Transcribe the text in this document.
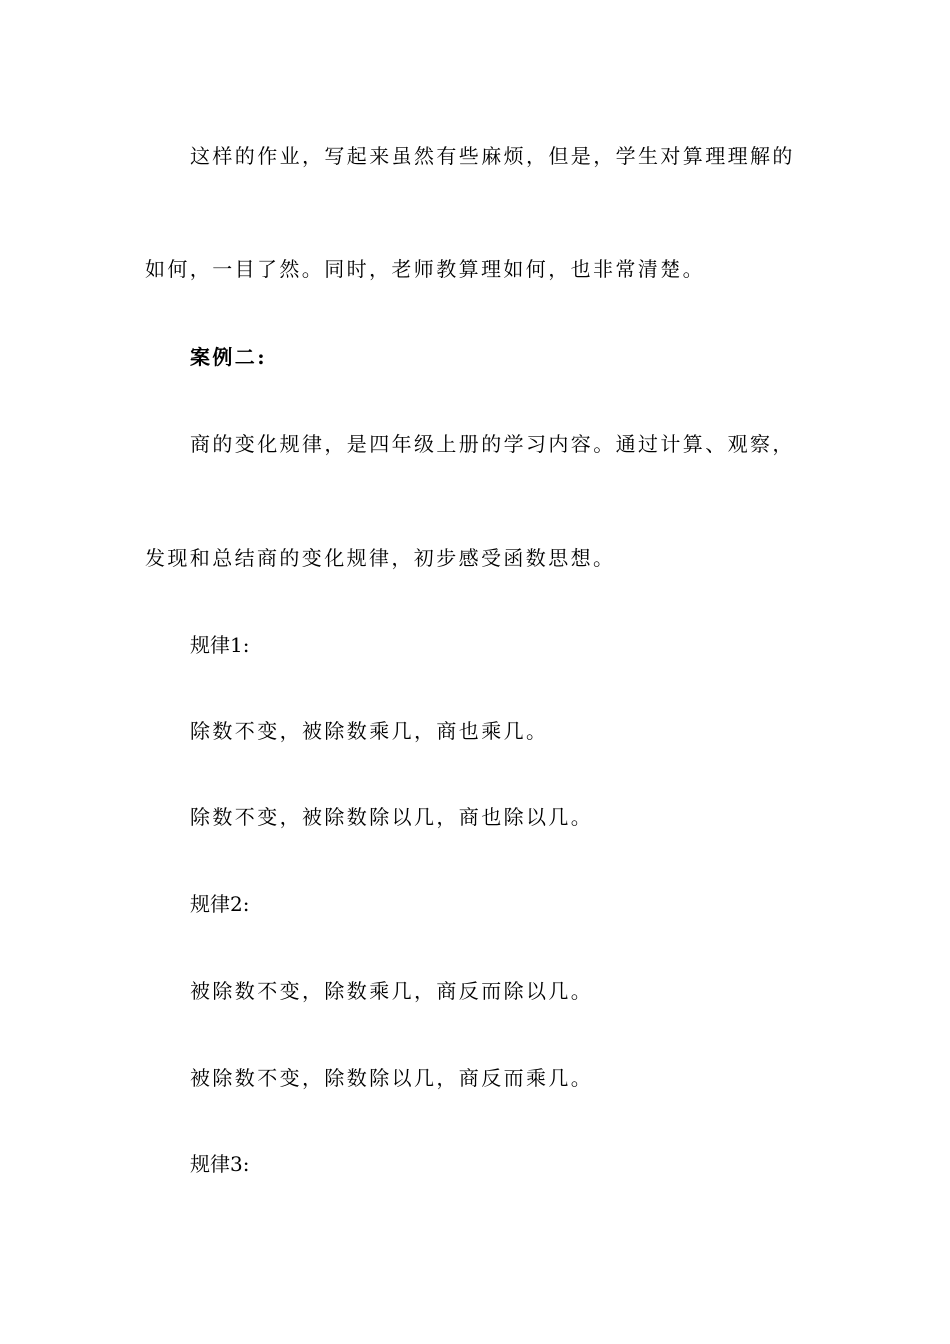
这样的作业，写起来虽然有些麻烦，但是，学生对算理理解的
如何，一目了然。同时，老师教算理如何，也非常清楚。
案例二:
商的变化规律，是四年级上册的学习内容。通过计算、观察，
发现和总结商的变化规律，初步感受函数思想。
规律1:
除数不变，被除数乘几，商也乘几。
除数不变，被除数除以几，商也除以几。
规律2:
被除数不变，除数乘几，商反而除以几。
被除数不变，除数除以几，商反而乘几。
规律3:
